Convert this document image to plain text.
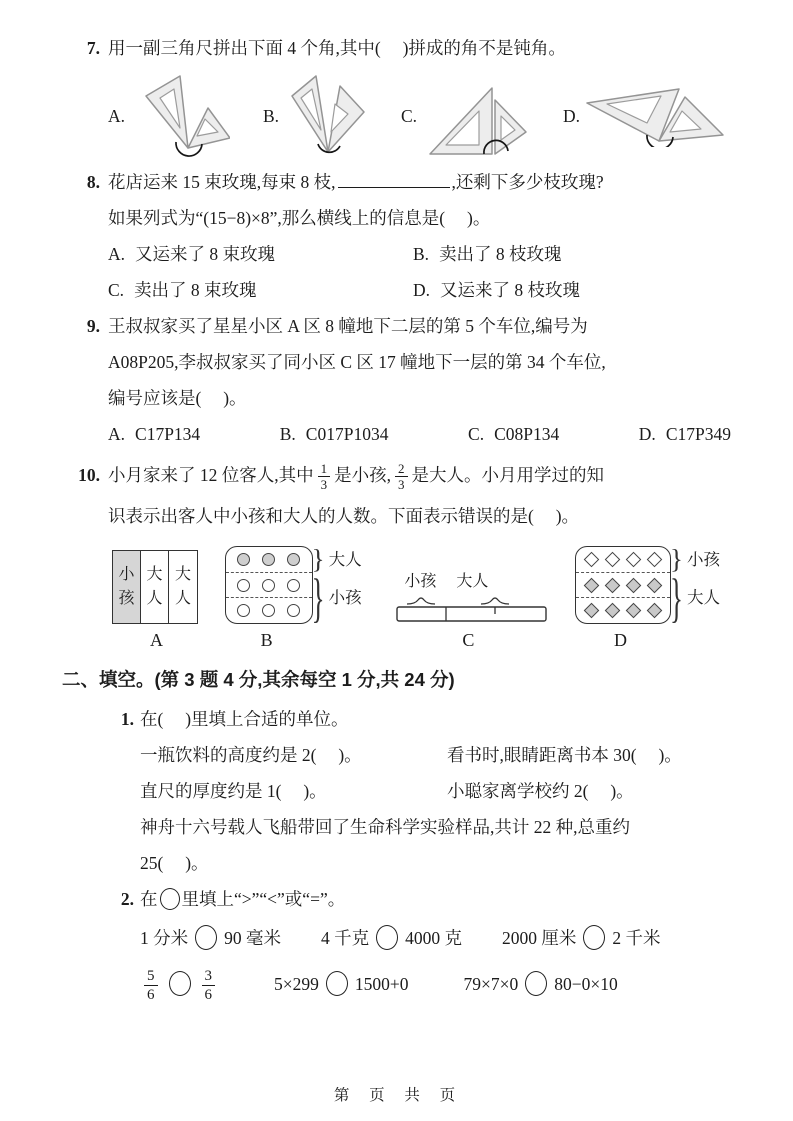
7. 用一副三角尺拼出下面 4 个角,其中(     )拼成的角不是钝角。
A.	B.	C.	D.
8. 花店运来 15 束玫瑰,每束 8 枝,	,还剩下多少枝玫瑰?
如果列式为“(15−8)×8”,那么横线上的信息是(     )。
A. 又运来了 8 束玫瑰	B. 卖出了 8 枝玫瑰
C. 卖出了 8 束玫瑰	D. 又运来了 8 枝玫瑰
9. 王叔叔家买了星星小区 A 区 8 幢地下二层的第 5 个车位,编号为
A08P205,李叔叔家买了同小区 C 区 17 幢地下一层的第 34 个车位,
编号应该是(     )。
A. C17P134	B. C017P1034	C. C08P134	D. C17P349
10. 小月家来了 12 位客人,其中 $\frac{1}{3}$ 是小孩, $\frac{2}{3}$ 是大人。小月用学过的知
识表示出客人中小孩和大人的人数。下面表示错误的是(     )。
小孩
大人
大人
A
}
}
大人
小孩
B
小孩 大人
C
}
}
小孩
大人
D
二、填空。(第 3 题 4 分,其余每空 1 分,共 24 分)
1. 在(     )里填上合适的单位。
一瓶饮料的高度约是 2(     )。	看书时,眼睛距离书本 30(     )。
直尺的厚度约是 1(     )。	小聪家离学校约 2(     )。
神舟十六号载人飞船带回了生命科学实验样品,共计 22 种,总重约
25(     )。
2. 在 里填上“>”“<”或“=”。
1 分米 90 毫米 4 千克 4000 克 2000 厘米 2 千米
$\frac{5}{6}$	$\frac{3}{6}$	5×299 1500+0	79×7×0 80−0×10
第  页  共  页
